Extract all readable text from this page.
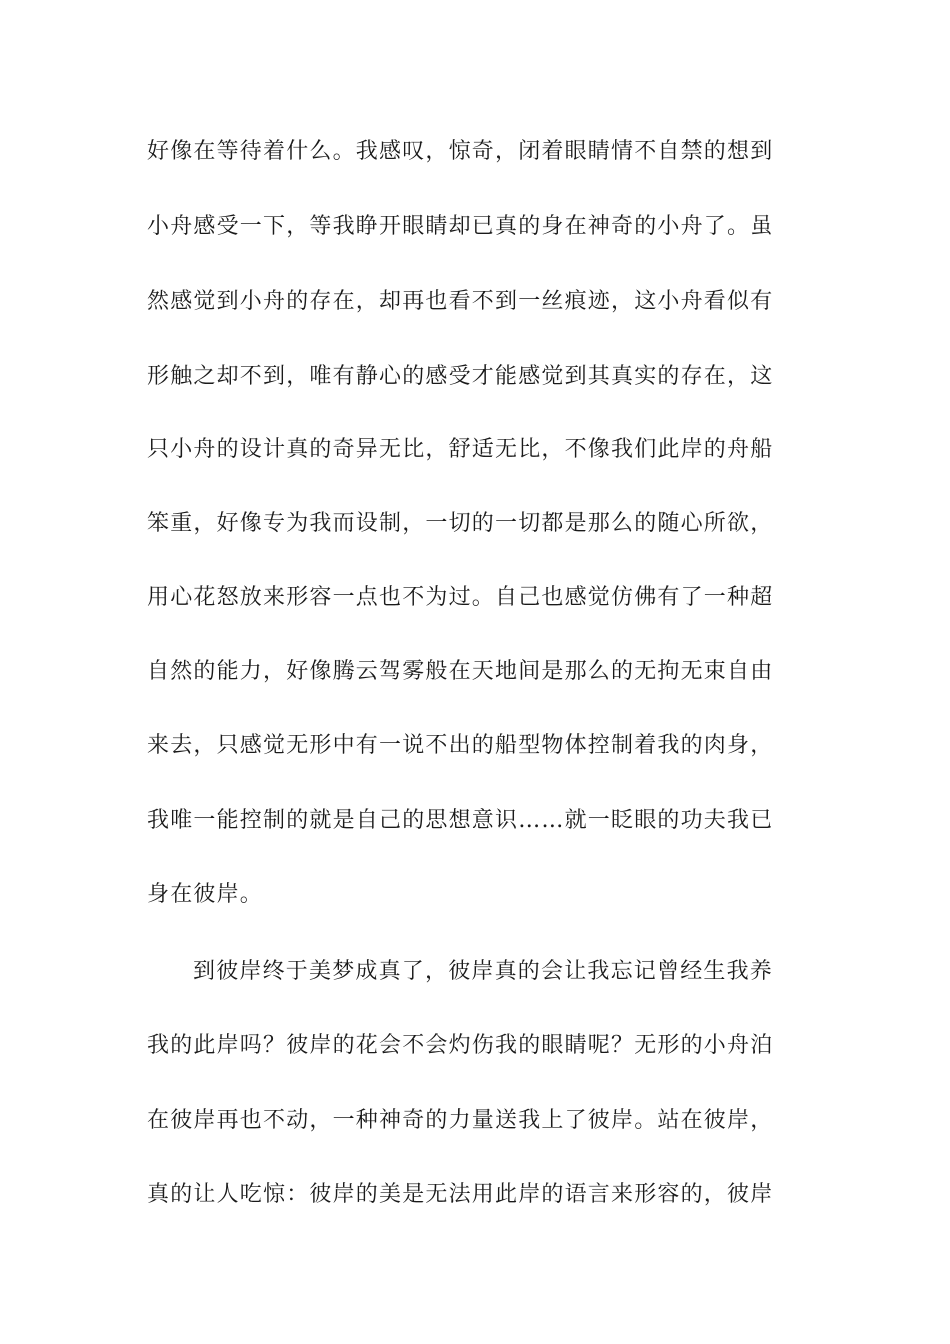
好像在等待着什么。我感叹，惊奇，闭着眼睛情不自禁的想到
小舟感受一下，等我睁开眼睛却已真的身在神奇的小舟了。虽
然感觉到小舟的存在，却再也看不到一丝痕迹，这小舟看似有
形触之却不到，唯有静心的感受才能感觉到其真实的存在，这
只小舟的设计真的奇异无比，舒适无比，不像我们此岸的舟船
笨重，好像专为我而设制，一切的一切都是那么的随心所欲，
用心花怒放来形容一点也不为过。自己也感觉仿佛有了一种超
自然的能力，好像腾云驾雾般在天地间是那么的无拘无束自由
来去，只感觉无形中有一说不出的船型物体控制着我的肉身，
我唯一能控制的就是自己的思想意识……就一眨眼的功夫我已
身在彼岸。
到彼岸终于美梦成真了，彼岸真的会让我忘记曾经生我养
我的此岸吗？彼岸的花会不会灼伤我的眼睛呢？无形的小舟泊
在彼岸再也不动，一种神奇的力量送我上了彼岸。站在彼岸，
真的让人吃惊：彼岸的美是无法用此岸的语言来形容的，彼岸
